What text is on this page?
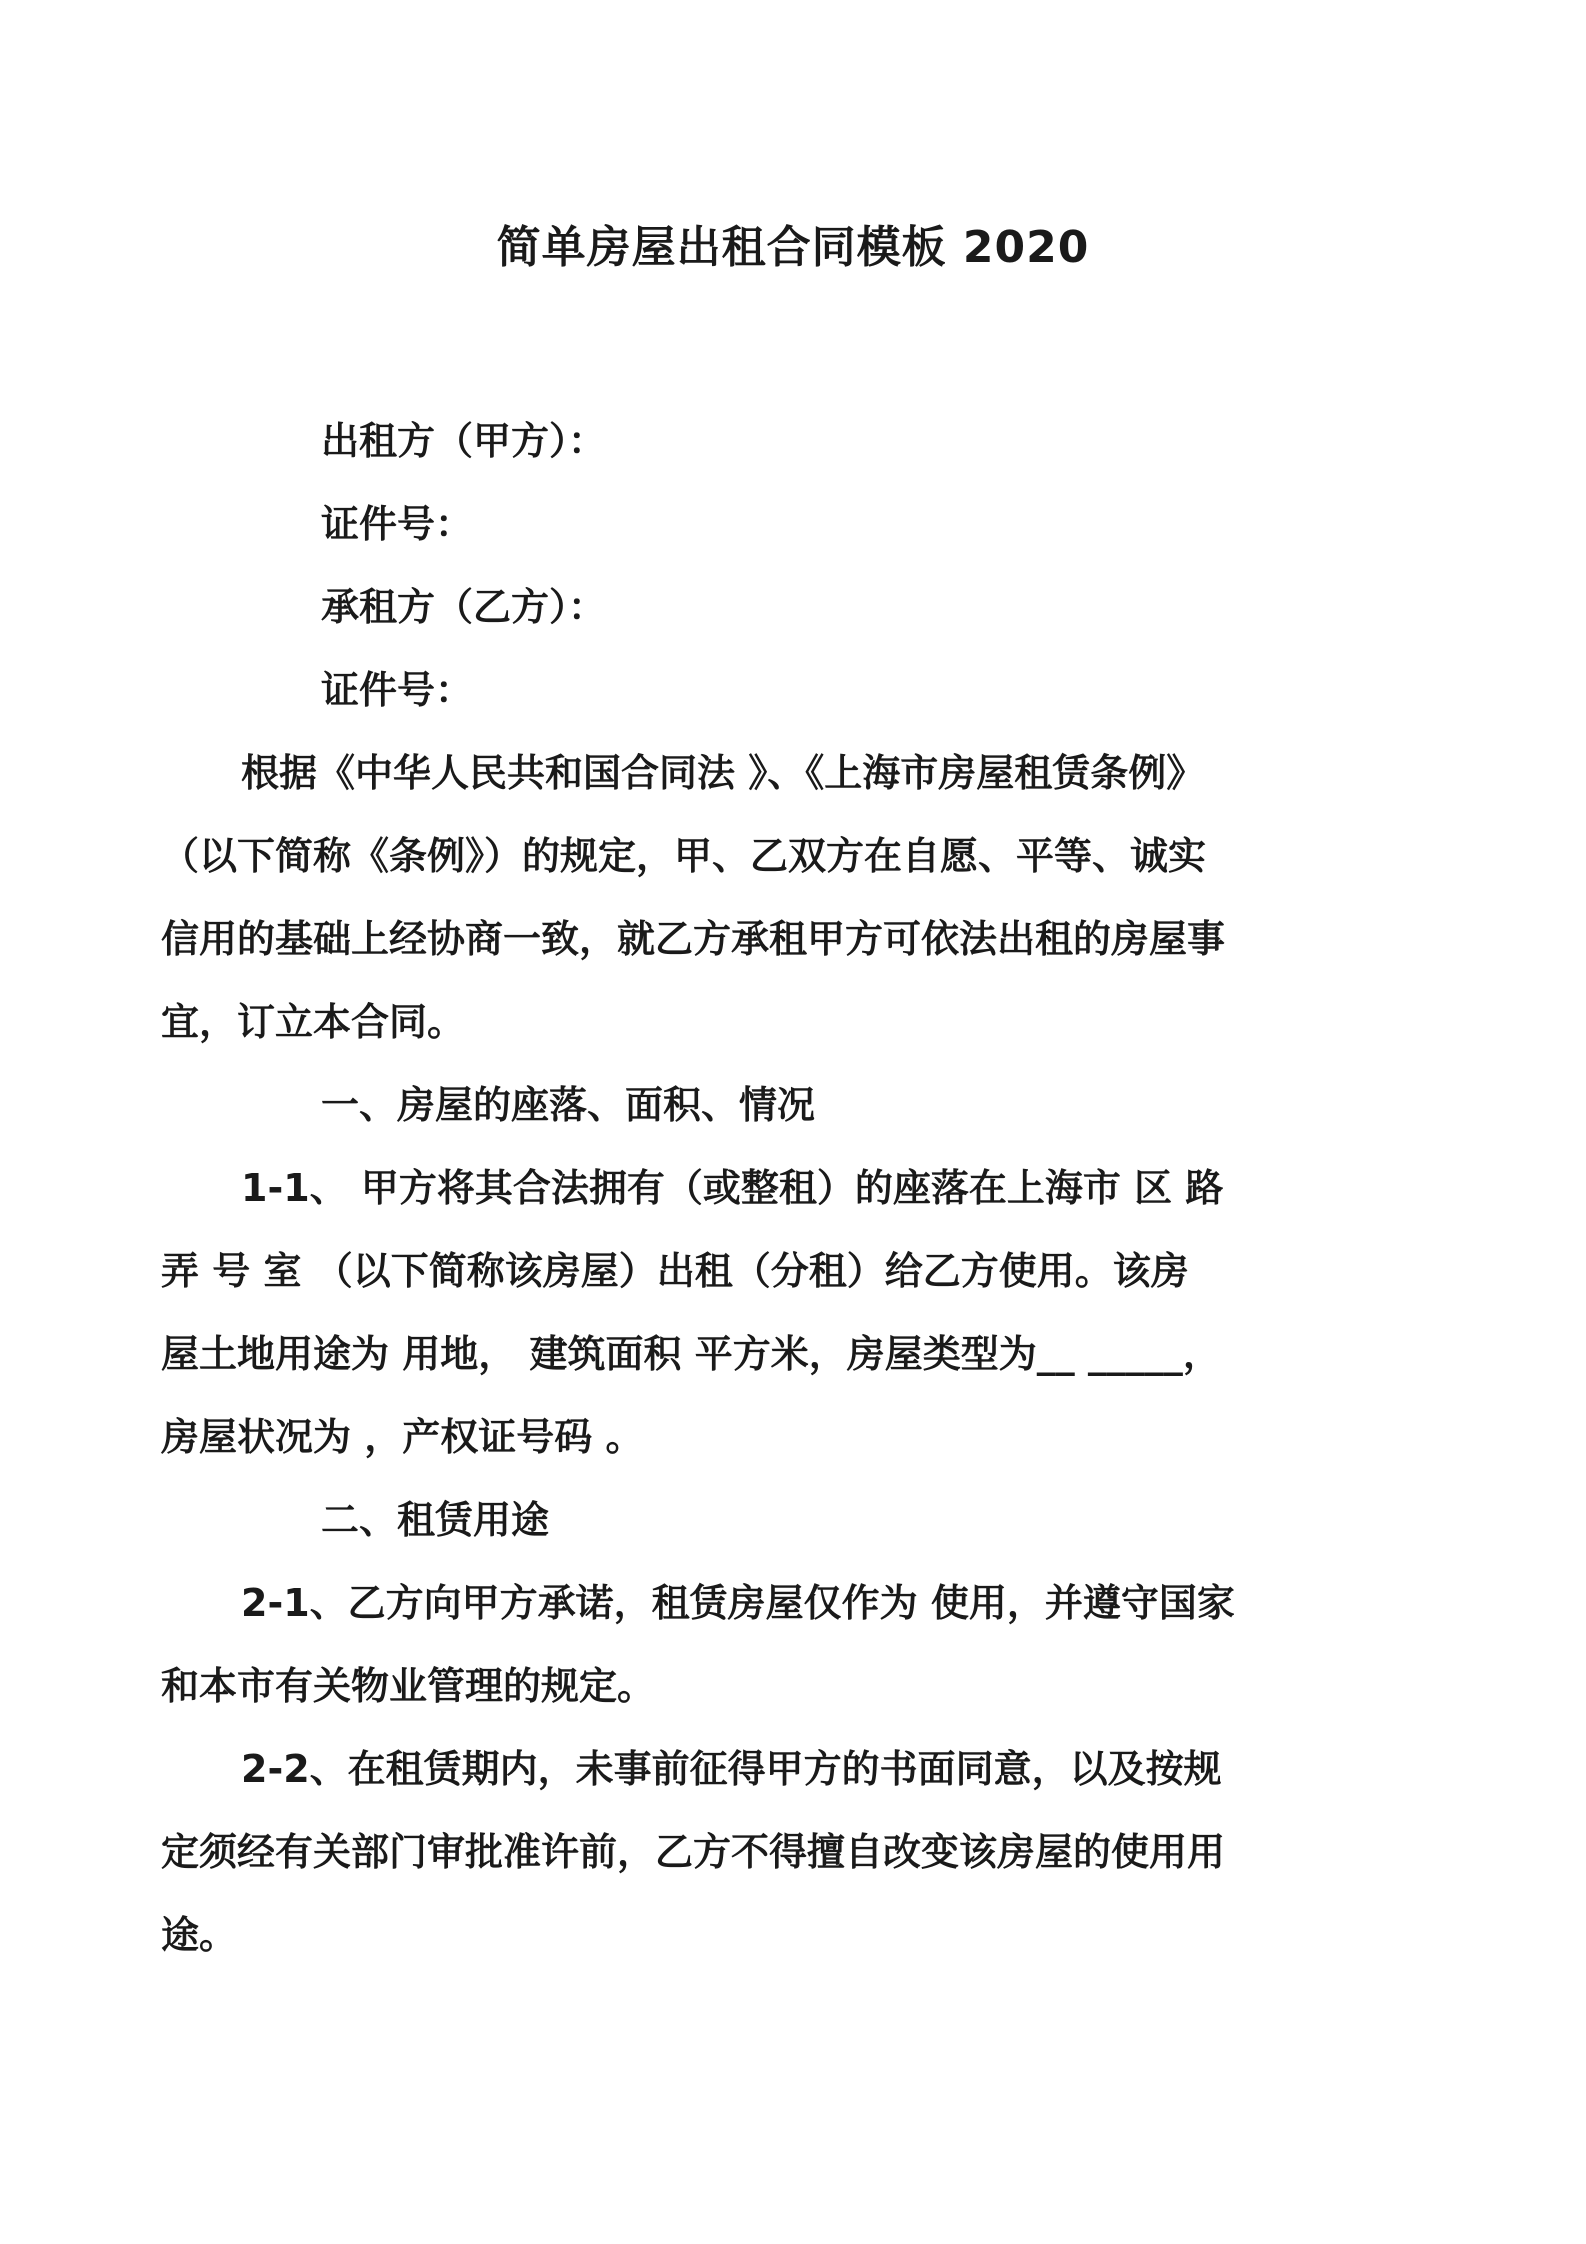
简单房屋出租合同模板 2020
出租方（甲方）：
证件号：
承租方（乙方）：
证件号：
根据《中华人民共和国合同法 》、《上海市房屋租赁条例》
（以下简称《条例》）的规定，甲、乙双方在自愿、平等、诚实
信用的基础上经协商一致，就乙方承租甲方可依法出租的房屋事
宜，订立本合同。
一、房屋的座落、面积、情况
1-1、 甲方将其合法拥有（或整租）的座落在上海市 区 路
弄 号 室 （以下简称该房屋）出租（分租）给乙方使用。该房
屋土地用途为 用地， 建筑面积 平方米，房屋类型为__ _____，
房屋状况为 ，产权证号码 。
二、租赁用途
2-1、乙方向甲方承诺，租赁房屋仅作为 使用，并遵守国家
和本市有关物业管理的规定。
2-2、在租赁期内，未事前征得甲方的书面同意，以及按规
定须经有关部门审批准许前，乙方不得擅自改变该房屋的使用用
途。
